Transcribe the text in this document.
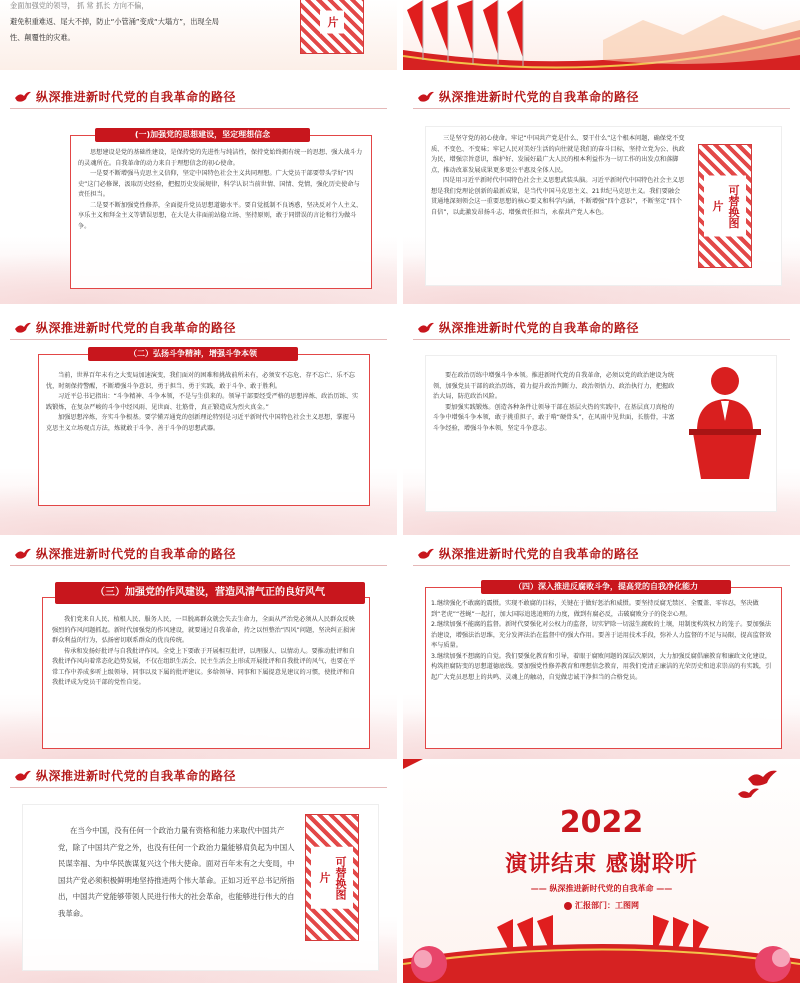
金面加强党的领导， 抓 常 抓长 方向不偏，

避免积重难返、尾大不掉，防止“小管涌”变成“大塌方”，出现全局

性、颠覆性的灾难。

片
纵深推进新时代党的自我革命的路径
(一)加强党的思想建设，坚定理想信念

思想建设是党的基础性建设，是保持党的先进性与纯洁性，保持党始终拥有统一的思想、强大战斗力的灵魂所在。自我革命的动力来自于理想信念的初心使命。

一是要不断增强马克思主义信仰，坚定中国特色社会主义共同理想。广大党员干部要带头学好“四史”这门必修课，汲取历史经验，把握历史发展规律，科学认识当前世情、国情、党情，强化历史使命与责任担当。

二是要不断加强党性修养，全面提升党员思想道德水平。要自觉抵制不良诱惑，坚决反对个人主义、享乐主义和拜金主义等错误思想，在大是大非面前站稳立场、坚持原则，敢于同错误的言论和行为做斗争。

纵深推进新时代党的自我革命的路径

三是坚守党的初心使命。牢记“中国共产党是什么、要干什么”这个根本问题，确保党不变质、不变色、不变味；牢记人民对美好生活的向往就是我们的奋斗目标，坚持立党为公、执政为民，增强宗旨意识，维护好、发展好最广大人民的根本利益作为一切工作的出发点和落脚点，推动改革发展成果更多更公平惠及全体人民。

四是用习近平新时代中国特色社会主义思想武装头脑。习近平新时代中国特色社会主义思想是我们党理论创新的最新成果，是当代中国马克思主义、21世纪马克思主义。我们要融会贯通地深刻领会这一重要思想的核心要义和科学内涵，不断增强“四个意识”，不断坚定“四个自信”，以此激发昂扬斗志、增强责任担当，永葆共产党人本色。	可替换图片
纵深推进新时代党的自我革命的路径
（二）弘扬斗争精神，增强斗争本领

当前，世界百年未有之大变局加速演变，我们面对的困难和挑战前所未有，必须安不忘危、存不忘亡、乐不忘忧，时刻保持警醒，不断增强斗争意识，勇于担当、勇于实践，敢于斗争、敢于胜利。

习近平总书记指出：“斗争精神、斗争本领，不是与生俱来的。领导干部要经受严格的思想淬炼、政治历练、实践锻炼，在复杂严峻的斗争中经风雨、见世面、壮筋骨，真正锻造成为烈火真金。”

加强思想淬炼，夯实斗争根基。要学懂弄通党的创新理论特别是习近平新时代中国特色社会主义思想，掌握马克思主义立场观点方法，炼就敢于斗争、善于斗争的思想武器。

纵深推进新时代党的自我革命的路径

要在政治历练中增强斗争本领。推进新时代党的自我革命，必须以党的政治建设为统领，加强党员干部的政治历练，着力提升政治判断力、政治领悟力、政治执行力，把握政治大局，防范政治风险。

要加强实践锻炼。创造各种条件让领导干部在基层火热的实践中，在基层真刀真枪的斗争中增强斗争本领，敢于挑重担子，敢于啃“硬骨头”，在风雨中见世面，长筋骨，丰富斗争经验，增强斗争本领，坚定斗争意志。

纵深推进新时代党的自我革命的路径
（三）加强党的作风建设，营造风清气正的良好风气

我们党来自人民、植根人民、服务人民，一旦脱离群众就会失去生命力，全面从严治党必须从人民群众反映强烈的作风问题抓起。新时代加强党的作风建设，就要通过自我革命，持之以恒整治“四风”问题，坚决纠正损害群众利益的行为，弘扬密切联系群众的优良传统。

传承和发扬好批评与自我批评作风。全党上下要敢于开展相互批评，以理服人、以情动人。要推动批评和自我批评作风向着常态化趋势发展，不仅在组织生活会、民主生活会上形成开展批评和自我批评的风气，也要在平常工作中养成多听上级领导、同事以及下属的批评建议。多给领导、同事和下属提意见建议的习惯，使批评和自我批评成为党员干部的党性自觉。

纵深推进新时代党的自我革命的路径
（四）深入推进反腐败斗争，提高党的自我净化能力

1.继续强化不敢腐的震慑。实现不敢腐的目标，关键在于做好惩治和威慑。要坚持反腐无禁区、全覆盖、零容忍，坚决做到“老虎”“苍蝇”一起打，加大国际追逃追赃的力度，做到有腐必反，击破腐败分子的侥幸心理。

2.继续加强不能腐的监督。新时代要强化对公权力的监督，切实铲除一切滋生腐败的土壤，用制度构筑权力的笼子。要加强法治建设，增强法治思维，充分发挥法治在监督中的强大作用。要善于运用技术手段，弥补人力监督的不足与局限，提高监督效率与质量。

3.继续加强不想腐的自觉。我们要强化教育和引导，着眼于腐败问题的深层次原因，大力加强反腐倡廉教育和廉政文化建设，构筑拒腐防变的思想道德底线。要加强党性修养教育和理想信念教育，用我们党清正廉洁的光荣历史和追求崇高的有实践，引起广大党员思想上的共鸣、灵魂上的触动，自觉做忠诚干净担当的合格党员。

纵深推进新时代党的自我革命的路径

在当今中国，没有任何一个政治力量有资格和能力来取代中国共产党，除了中国共产党之外，也没有任何一个政治力量能够肩负起为中国人民谋幸福、为中华民族谋复兴这个伟大使命。面对百年未有之大变局，中国共产党必须积极鲜明地坚持推进两个伟大革命。正如习近平总书记所指出，中国共产党能够带领人民进行伟大的社会革命，也能够进行伟大的自我革命。

可替换图片
2022
演讲结束 感谢聆听
—— 纵深推进新时代党的自我革命 ——
汇报部门：工图网
